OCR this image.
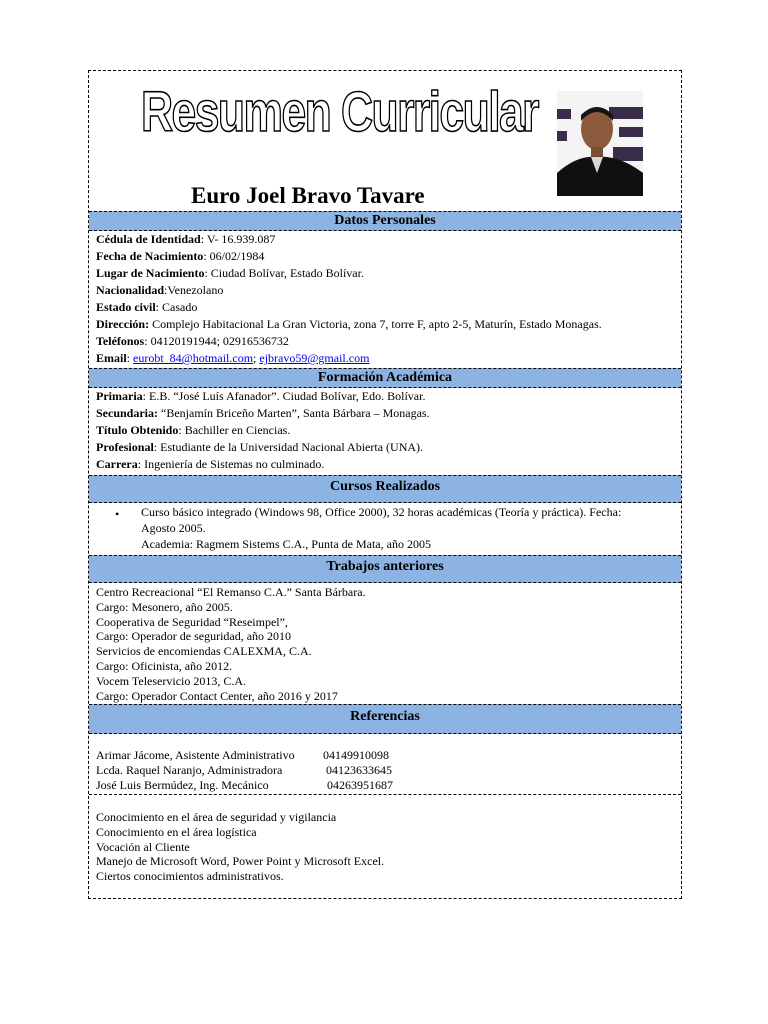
Resumen Curricular
Euro Joel Bravo Tavare
Datos Personales
Cédula de Identidad: V- 16.939.087
Fecha de Nacimiento: 06/02/1984
Lugar de Nacimiento: Ciudad Bolívar, Estado Bolívar.
Nacionalidad:Venezolano
Estado civil: Casado
Dirección: Complejo Habitacional La Gran Victoria, zona 7, torre F, apto 2-5, Maturín, Estado Monagas.
Teléfonos: 04120191944; 02916536732
Email: eurobt_84@hotmail.com; ejbravo59@gmail.com
Formación Académica
Primaria: E.B. “José Luís Afanador”. Ciudad Bolívar, Edo. Bolívar.
Secundaria: “Benjamín Briceño Marten”, Santa Bárbara – Monagas.
Título Obtenido: Bachiller en Ciencias.
Profesional: Estudiante de la Universidad Nacional Abierta (UNA).
Carrera: Ingeniería de Sistemas no culminado.
Cursos Realizados
• Curso básico integrado (Windows 98, Office 2000), 32 horas académicas (Teoría y práctica). Fecha:
Agosto 2005.
Academia: Ragmem Sistems C.A., Punta de Mata, año 2005
Trabajos anteriores
Centro Recreacional “El Remanso C.A.” Santa Bárbara.
Cargo: Mesonero, año 2005.
Cooperativa de Seguridad “Reseimpel”,
Cargo: Operador de seguridad, año 2010
Servicios de encomiendas CALEXMA, C.A.
Cargo: Oficinista, año 2012.
Vocem Teleservicio 2013, C.A.
Cargo: Operador Contact Center, año 2016 y 2017
Referencias
Arimar Jácome, Asistente Administrativo 04149910098
Lcda. Raquel Naranjo, Administradora	04123633645
José Luis Bermúdez, Ing. Mecánico	04263951687
Conocimiento en el área de seguridad y vigilancia
Conocimiento en el área logística
Vocación al Cliente
Manejo de Microsoft Word, Power Point y Microsoft Excel.
Ciertos conocimientos administrativos.
